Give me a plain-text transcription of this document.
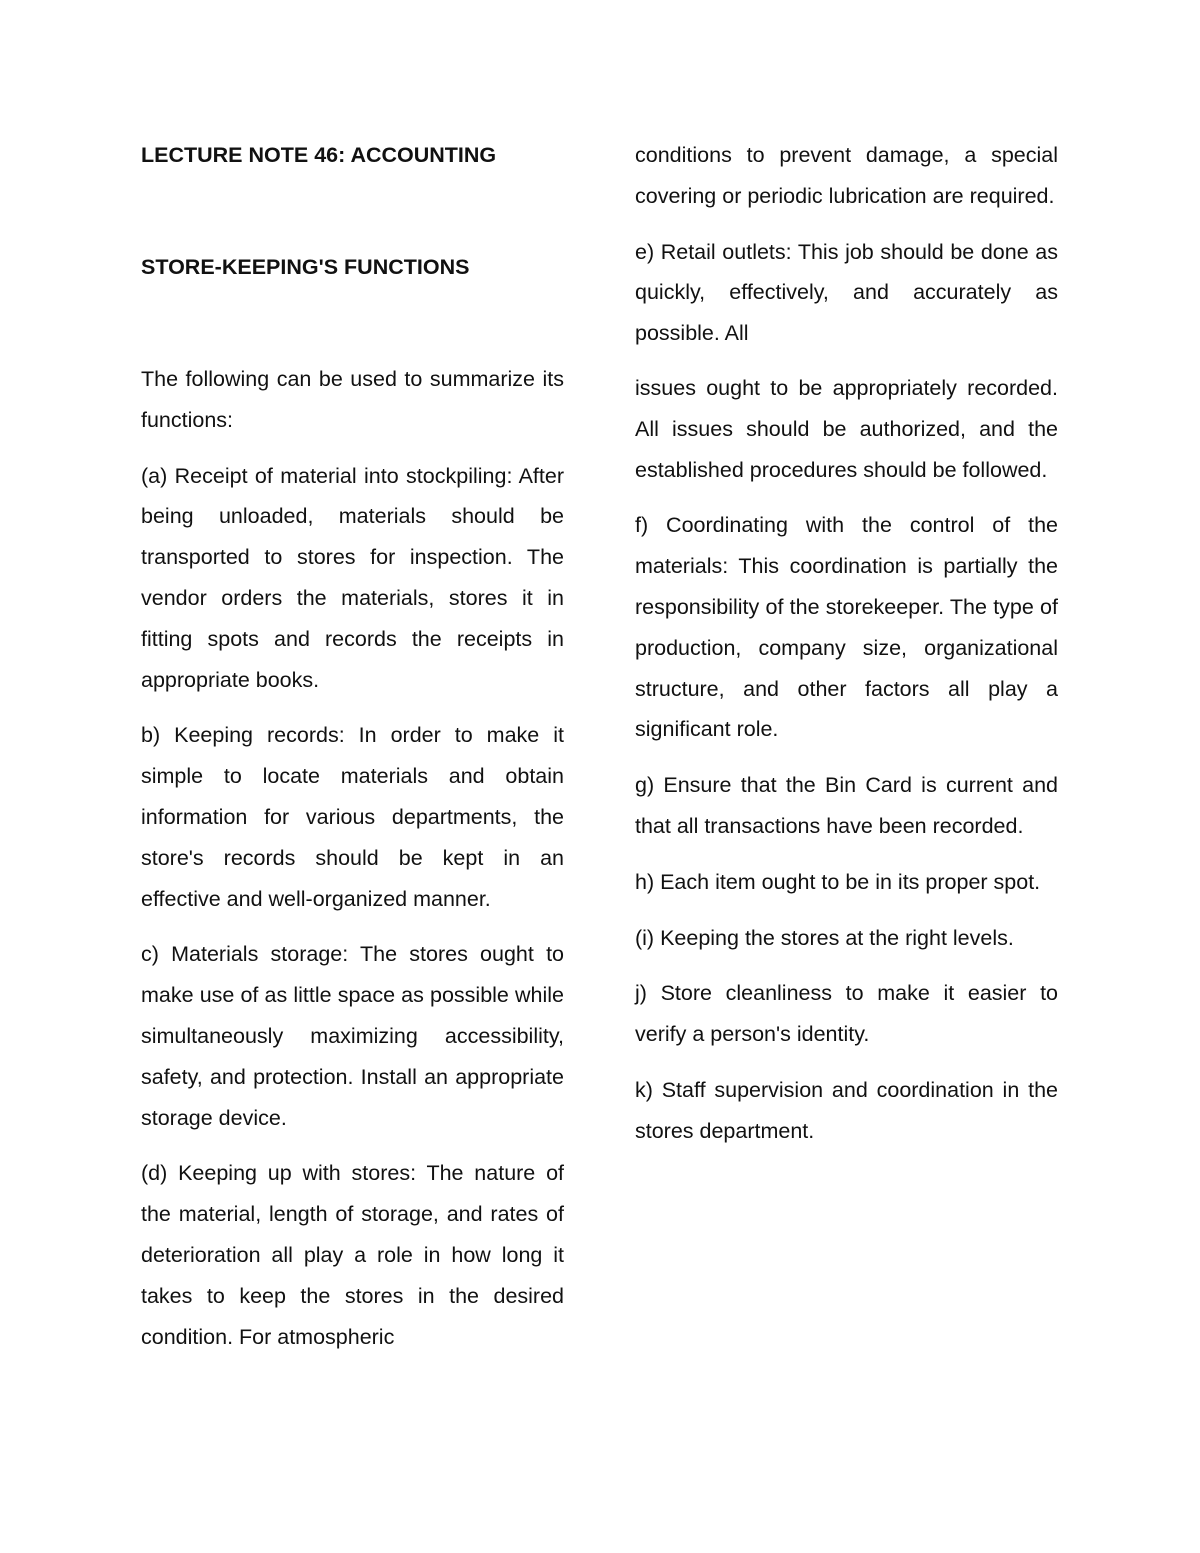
LECTURE NOTE 46: ACCOUNTING
STORE-KEEPING'S FUNCTIONS

The following can be used to summarize its functions:

(a) Receipt of material into stockpiling: After being unloaded, materials should be transported to stores for inspection. The vendor orders the materials, stores it in fitting spots and records the receipts in appropriate books.

b) Keeping records: In order to make it simple to locate materials and obtain information for various departments, the store's records should be kept in an effective and well-organized manner.

c) Materials storage: The stores ought to make use of as little space as possible while simultaneously maximizing accessibility, safety, and protection. Install an appropriate storage device.

(d) Keeping up with stores: The nature of the material, length of storage, and rates of deterioration all play a role in how long it takes to keep the stores in the desired condition. For atmospheric

conditions to prevent damage, a special covering or periodic lubrication are required.

e) Retail outlets: This job should be done as quickly, effectively, and accurately as possible. All

issues ought to be appropriately recorded. All issues should be authorized, and the established procedures should be followed.

f) Coordinating with the control of the materials: This coordination is partially the responsibility of the storekeeper. The type of production, company size, organizational structure, and other factors all play a significant role.

g) Ensure that the Bin Card is current and that all transactions have been recorded.

h) Each item ought to be in its proper spot.

(i) Keeping the stores at the right levels.

j) Store cleanliness to make it easier to verify a person's identity.

k) Staff supervision and coordination in the stores department.
